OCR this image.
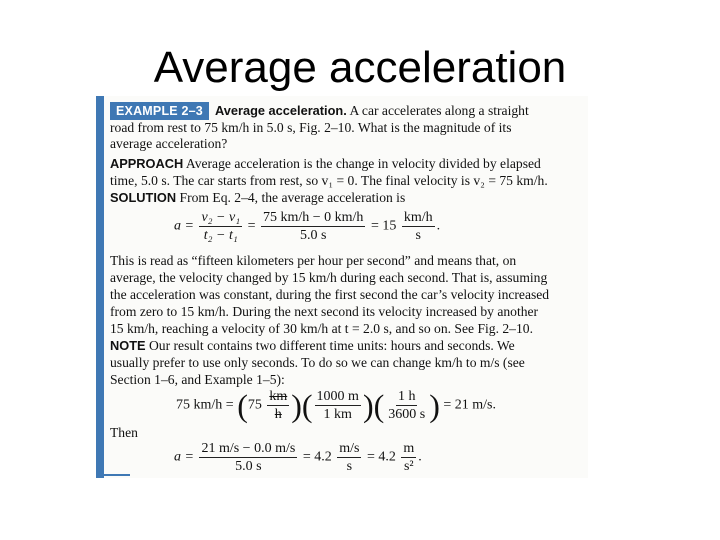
Average acceleration
EXAMPLE 2–3 Average acceleration. A car accelerates along a straight
road from rest to 75 km/h in 5.0 s, Fig. 2–10. What is the magnitude of its
average acceleration?
APPROACH Average acceleration is the change in velocity divided by elapsed
time, 5.0 s. The car starts from rest, so v₁ = 0. The final velocity is v₂ = 75 km/h.
SOLUTION From Eq. 2–4, the average acceleration is
$a = \frac{\text{v₂ − v₁}}{\text{t₂ − t₁}} = \frac{75 km/h - 0 km/h}{5.0 s} = 15 \frac{km/h}{s}$ .
This is read as “fifteen kilometers per hour per second” and means that, on
average, the velocity changed by 15 km/h during each second. That is, assuming
the acceleration was constant, during the first second the car’s velocity increased
from zero to 15 km/h. During the next second its velocity increased by another
15 km/h, reaching a velocity of 30 km/h at t = 2.0 s, and so on. See Fig. 2–10.
NOTE Our result contains two different time units: hours and seconds. We
usually prefer to use only seconds. To do so we can change km/h to m/s (see
Section 1–6, and Example 1–5):
75 $km/h = (75 \frac{km}{h}$ )( $\frac{1000 m}{1 km}$ )( $\frac{1 h}{3600 s}$ ) = 21 m/s.
Then
$a = \frac{21 m/s - 0.0 m/s}{5.0 s} = 4.2 \frac{m/s}{s} = 4.2 \frac{m}{\text{s²}}$ .
